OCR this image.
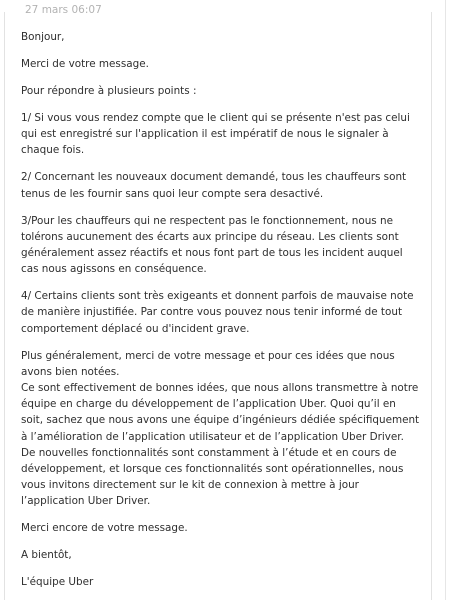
27 mars 06:07

Bonjour,

Merci de votre message.

Pour répondre à plusieurs points :

1/ Si vous vous rendez compte que le client qui se présente n'est pas celui qui est enregistré sur l'application il est impératif de nous le signaler à chaque fois.

2/ Concernant les nouveaux document demandé, tous les chauffeurs sont tenus de les fournir sans quoi leur compte sera desactivé.

3/Pour les chauffeurs qui ne respectent pas le fonctionnement, nous ne tolérons aucunement des écarts aux principe du réseau. Les clients sont généralement assez réactifs et nous font part de tous les incident auquel cas nous agissons en conséquence.

4/ Certains clients sont très exigeants et donnent parfois de mauvaise note de manière injustifiée. Par contre vous pouvez nous tenir informé de tout comportement déplacé ou d'incident grave.

Plus généralement, merci de votre message et pour ces idées que nous avons bien notées.

Ce sont effectivement de bonnes idées, que nous allons transmettre à notre équipe en charge du développement de l’application Uber. Quoi qu’il en soit, sachez que nous avons une équipe d’ingénieurs dédiée spécifiquement à l’amélioration de l’application utilisateur et de l’application Uber Driver. De nouvelles fonctionnalités sont constamment à l’étude et en cours de développement, et lorsque ces fonctionnalités sont opérationnelles, nous vous invitons directement sur le kit de connexion à mettre à jour l’application Uber Driver.

Merci encore de votre message.

A bientôt,

L'équipe Uber
